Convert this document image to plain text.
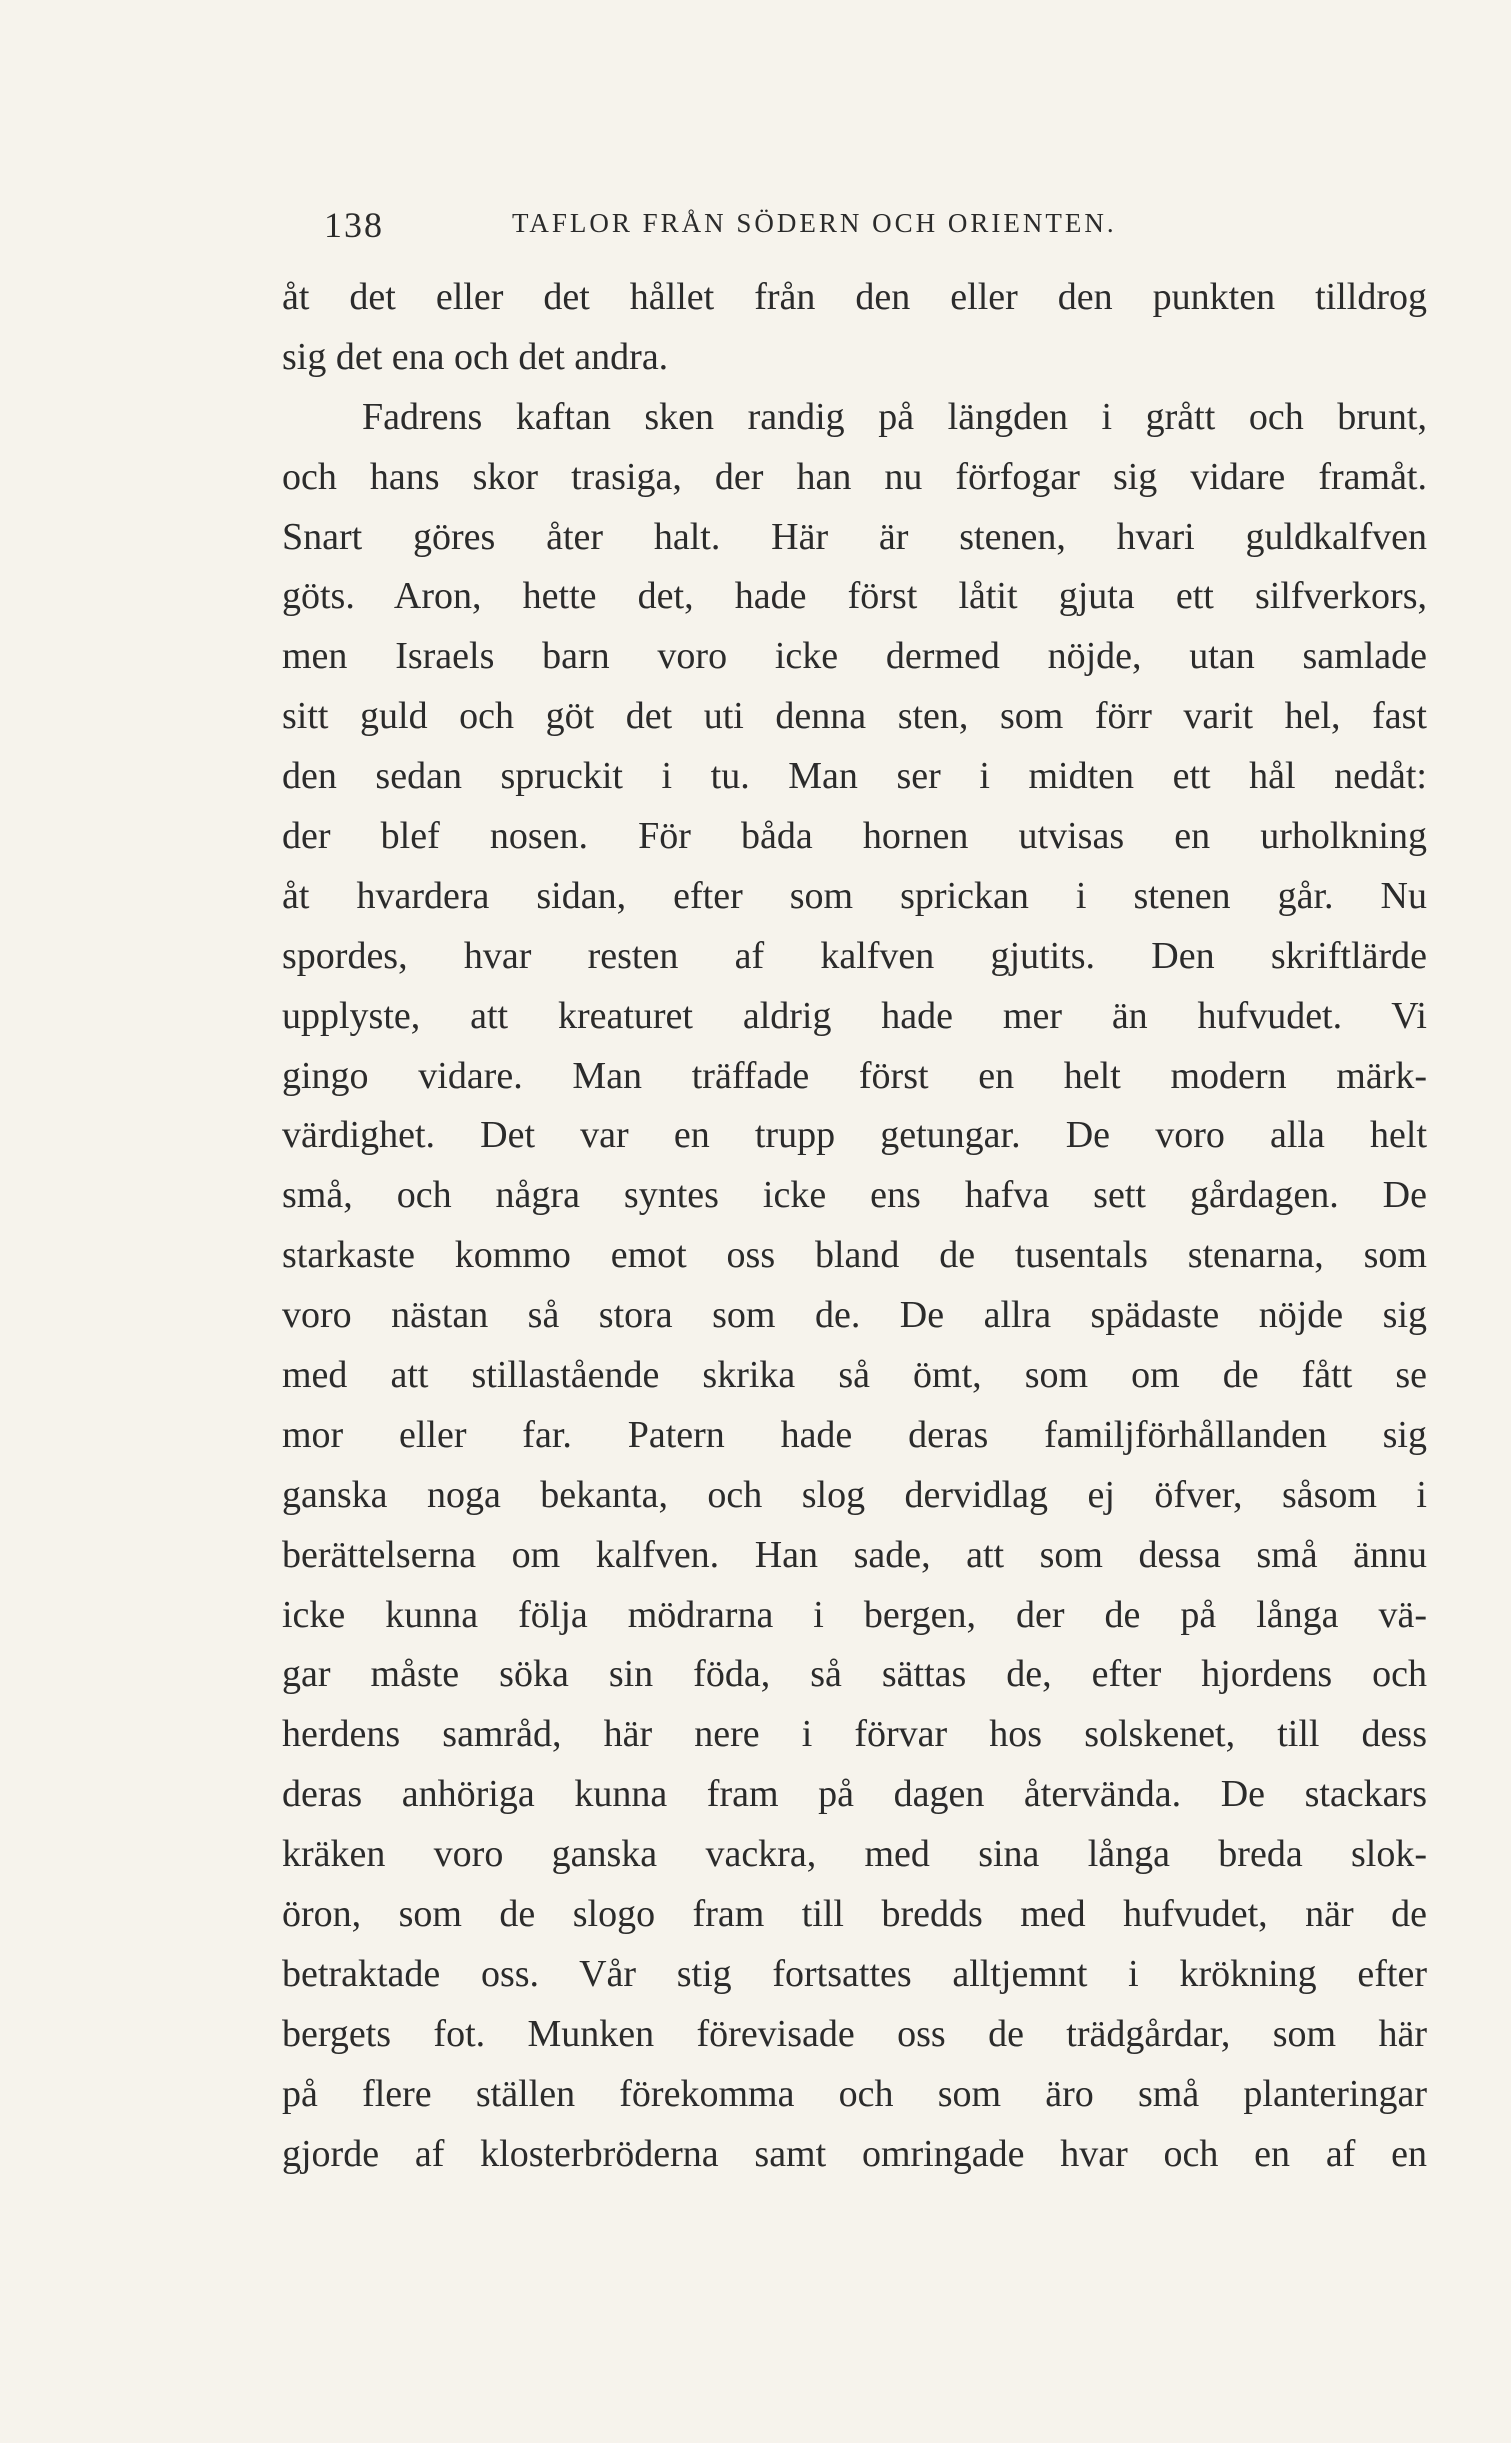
138	TAFLOR FRÅN SÖDERN OCH ORIENTEN.
åt det eller det hållet från den eller den punkten tilldrog
sig det ena och det andra.
Fadrens kaftan sken randig på längden i grått och brunt,
och hans skor trasiga, der han nu förfogar sig vidare framåt.
Snart göres åter halt. Här är stenen, hvari guldkalfven
göts. Aron, hette det, hade först låtit gjuta ett silfverkors,
men Israels barn voro icke dermed nöjde, utan samlade
sitt guld och göt det uti denna sten, som förr varit hel, fast
den sedan spruckit i tu. Man ser i midten ett hål nedåt:
der blef nosen. För båda hornen utvisas en urholkning
åt hvardera sidan, efter som sprickan i stenen går. Nu
spordes, hvar resten af kalfven gjutits. Den skriftlärde
upplyste, att kreaturet aldrig hade mer än hufvudet. Vi
gingo vidare. Man träffade först en helt modern märk-
värdighet. Det var en trupp getungar. De voro alla helt
små, och några syntes icke ens hafva sett gårdagen. De
starkaste kommo emot oss bland de tusentals stenarna, som
voro nästan så stora som de. De allra spädaste nöjde sig
med att stillastående skrika så ömt, som om de fått se
mor eller far. Patern hade deras familjförhållanden sig
ganska noga bekanta, och slog dervidlag ej öfver, såsom i
berättelserna om kalfven. Han sade, att som dessa små ännu
icke kunna följa mödrarna i bergen, der de på långa vä-
gar måste söka sin föda, så sättas de, efter hjordens och
herdens samråd, här nere i förvar hos solskenet, till dess
deras anhöriga kunna fram på dagen återvända. De stackars
kräken voro ganska vackra, med sina långa breda slok-
öron, som de slogo fram till bredds med hufvudet, när de
betraktade oss. Vår stig fortsattes alltjemnt i krökning efter
bergets fot. Munken förevisade oss de trädgårdar, som här
på flere ställen förekomma och som äro små planteringar
gjorde af klosterbröderna samt omringade hvar och en af en
